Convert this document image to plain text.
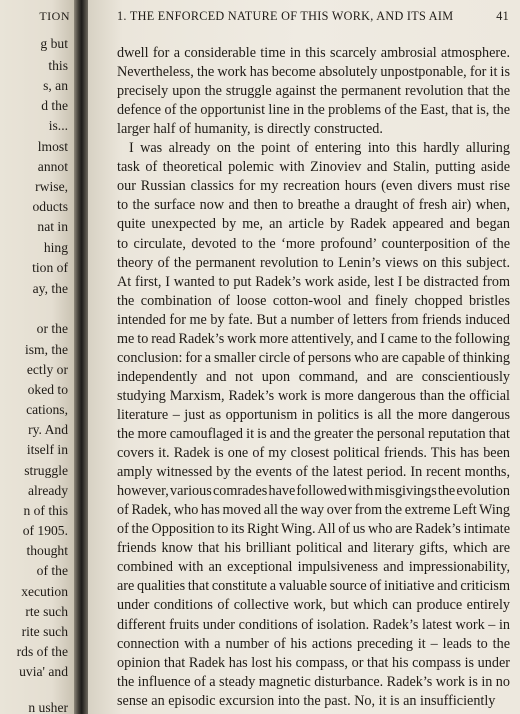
TION
g but
this
s, an
d the
is...
lmost
annot
rwise,
oducts
nat in
hing
tion of
ay, the
or the
ism, the
ectly or
oked to
cations,
ry. And
itself in
struggle
already
n of this
of 1905.
thought
of the
xecution
rte such
rite such
rds of the
uvia' and
n usher
1. THE ENFORCED NATURE OF THIS WORK, AND ITS AIM	41
dwell for a considerable time in this scarcely ambrosial atmosphere.
Nevertheless, the work has become absolutely unpostponable, for it is
precisely upon the struggle against the permanent revolution that the
defence of the opportunist line in the problems of the East, that is, the
larger half of humanity, is directly constructed.
I was already on the point of entering into this hardly alluring
task of theoretical polemic with Zinoviev and Stalin, putting aside
our Russian classics for my recreation hours (even divers must rise
to the surface now and then to breathe a draught of fresh air) when,
quite unexpected by me, an article by Radek appeared and began
to circulate, devoted to the ‘more profound’ counterposition of the
theory of the permanent revolution to Lenin’s views on this subject.
At first, I wanted to put Radek’s work aside, lest I be distracted from
the combination of loose cotton-wool and finely chopped bristles
intended for me by fate. But a number of letters from friends induced
me to read Radek’s work more attentively, and I came to the following
conclusion: for a smaller circle of persons who are capable of thinking
independently and not upon command, and are conscientiously
studying Marxism, Radek’s work is more dangerous than the official
literature – just as opportunism in politics is all the more dangerous
the more camouflaged it is and the greater the personal reputation that
covers it. Radek is one of my closest political friends. This has been
amply witnessed by the events of the latest period. In recent months,
however, various comrades have followed with misgivings the evolution
of Radek, who has moved all the way over from the extreme Left Wing
of the Opposition to its Right Wing. All of us who are Radek’s intimate
friends know that his brilliant political and literary gifts, which are
combined with an exceptional impulsiveness and impressionability,
are qualities that constitute a valuable source of initiative and criticism
under conditions of collective work, but which can produce entirely
different fruits under conditions of isolation. Radek’s latest work – in
connection with a number of his actions preceding it – leads to the
opinion that Radek has lost his compass, or that his compass is under
the influence of a steady magnetic disturbance. Radek’s work is in no
sense an episodic excursion into the past. No, it is an insufficiently
